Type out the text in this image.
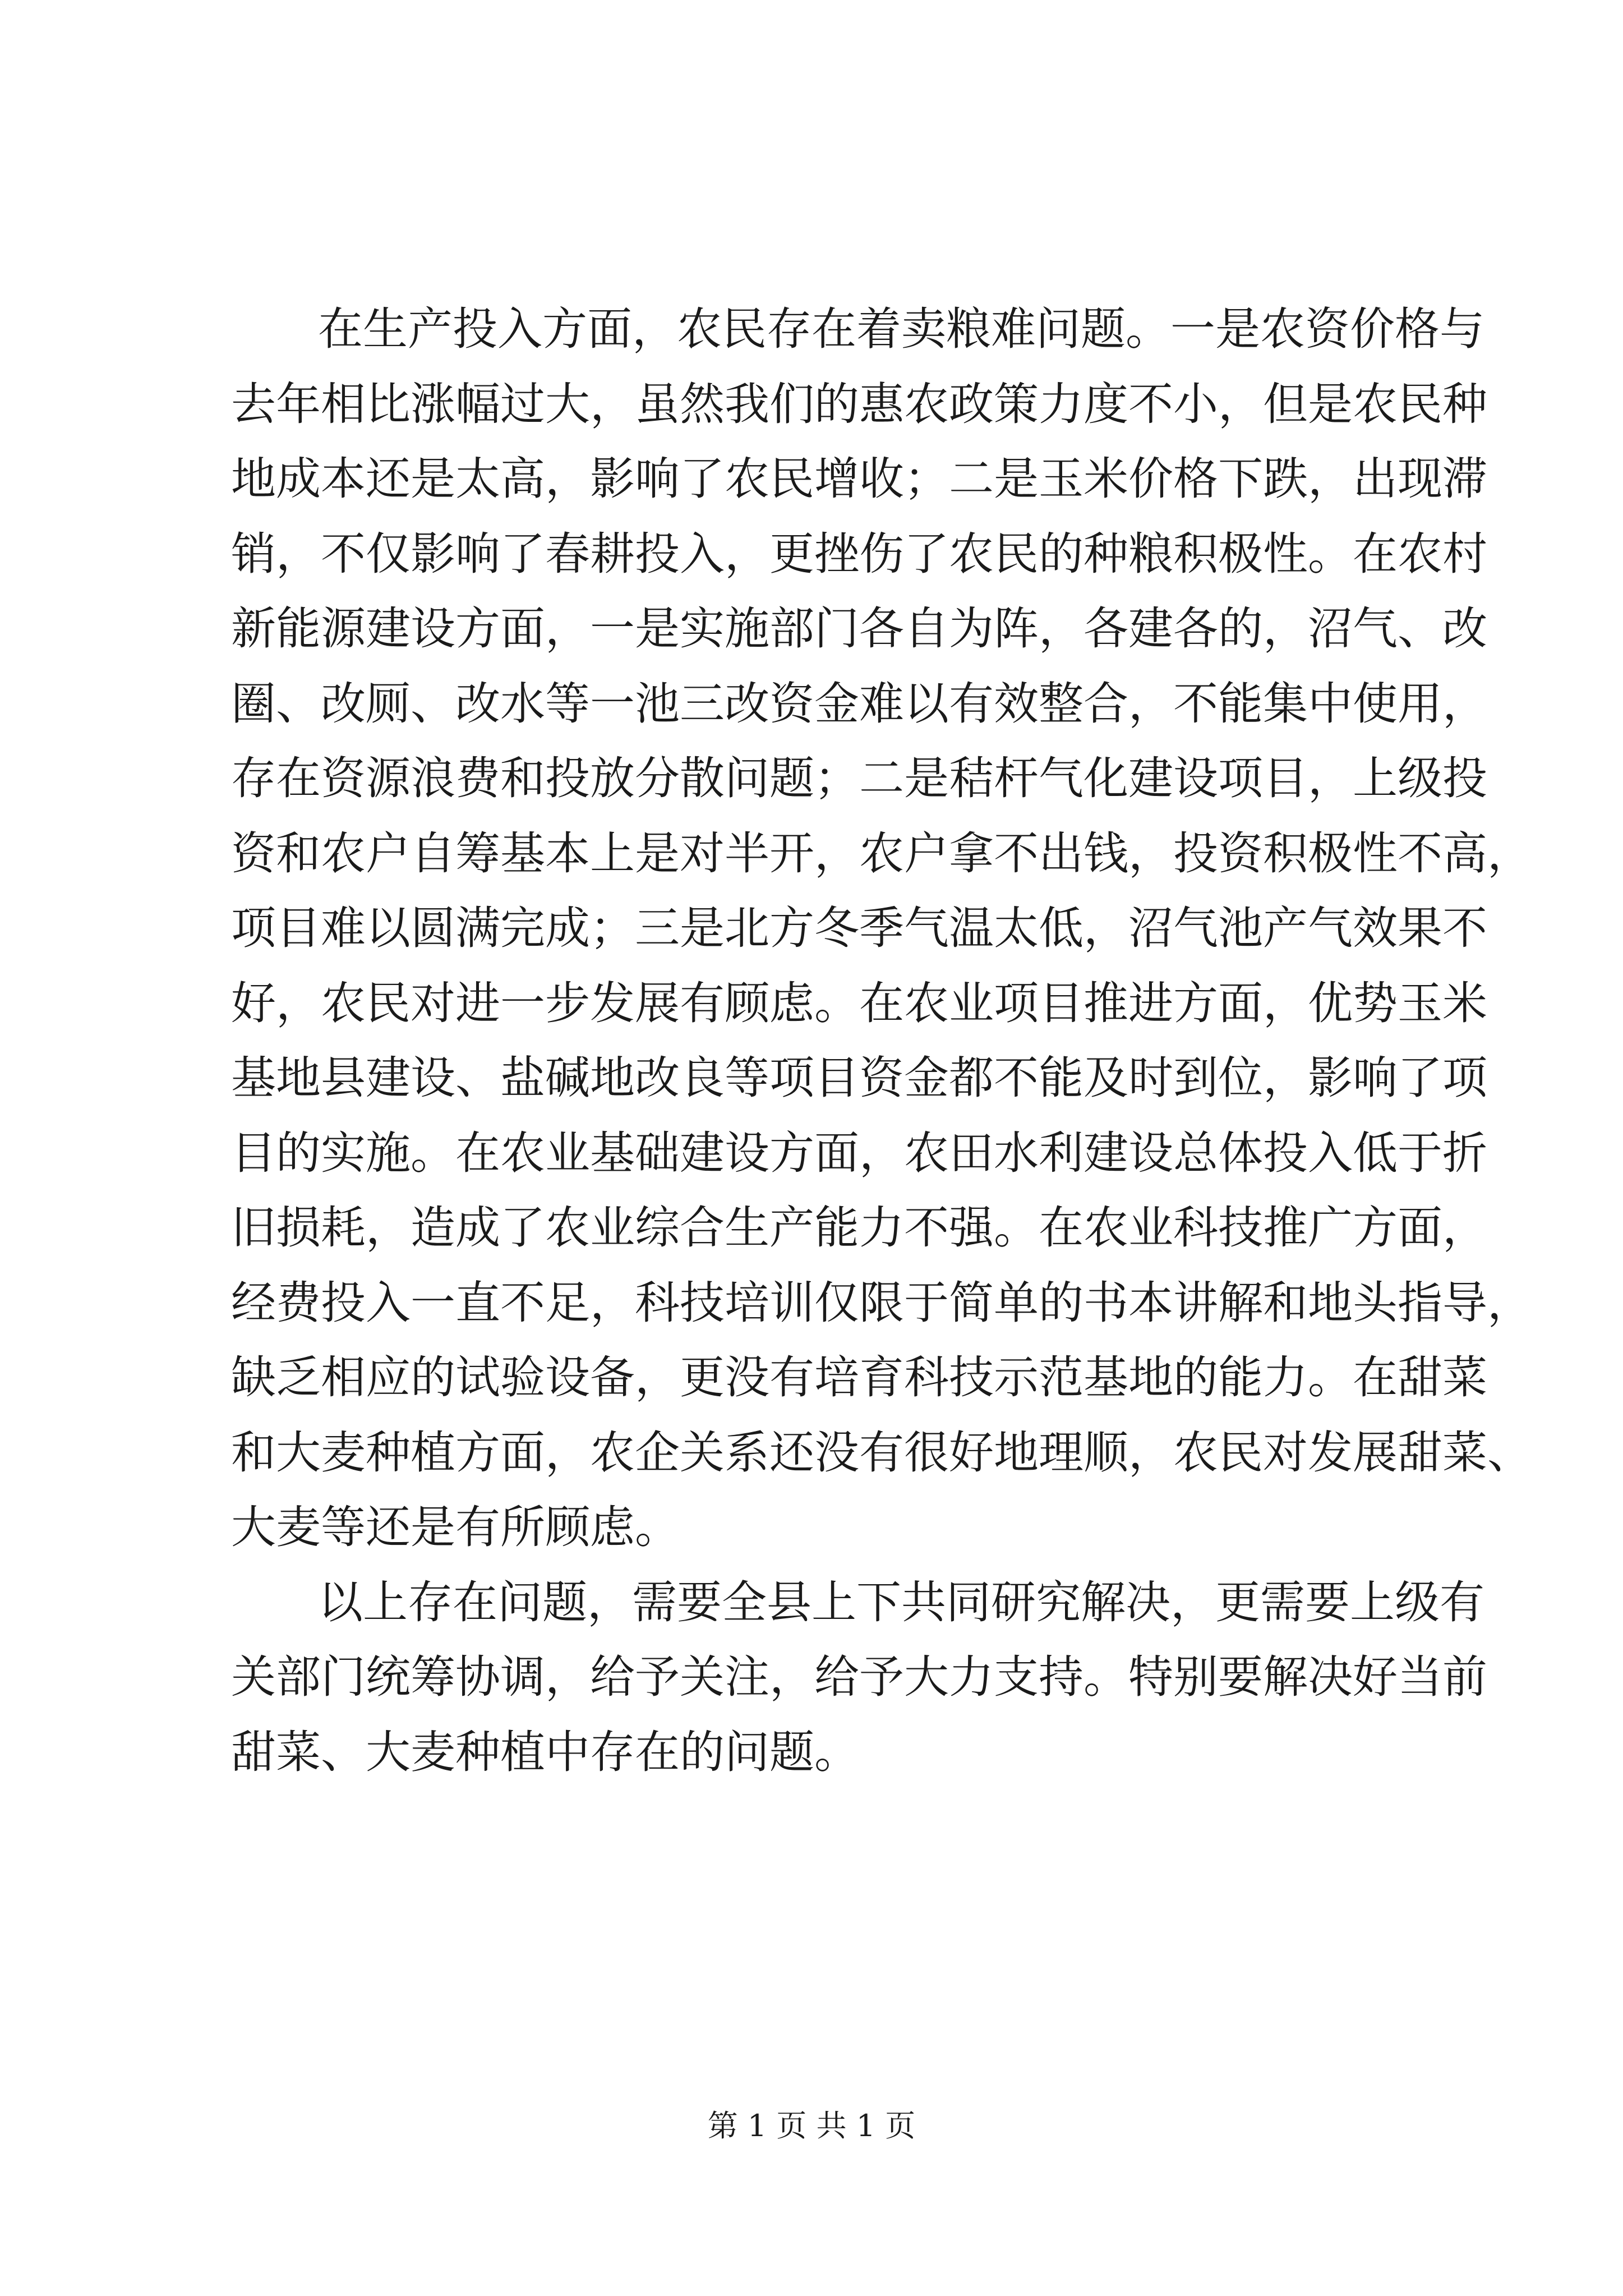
在生产投入方面，农民存在着卖粮难问题。一是农资价格与
去年相比涨幅过大，虽然我们的惠农政策力度不小，但是农民种
地成本还是太高，影响了农民增收；二是玉米价格下跌，出现滞
销，不仅影响了春耕投入，更挫伤了农民的种粮积极性。在农村
新能源建设方面，一是实施部门各自为阵，各建各的，沼气、改
圈、改厕、改水等一池三改资金难以有效整合，不能集中使用，
存在资源浪费和投放分散问题；二是秸杆气化建设项目，上级投
资和农户自筹基本上是对半开，农户拿不出钱，投资积极性不高，
项目难以圆满完成；三是北方冬季气温太低，沼气池产气效果不
好，农民对进一步发展有顾虑。在农业项目推进方面，优势玉米
基地县建设、盐碱地改良等项目资金都不能及时到位，影响了项
目的实施。在农业基础建设方面，农田水利建设总体投入低于折
旧损耗，造成了农业综合生产能力不强。在农业科技推广方面，
经费投入一直不足，科技培训仅限于简单的书本讲解和地头指导，
缺乏相应的试验设备，更没有培育科技示范基地的能力。在甜菜
和大麦种植方面，农企关系还没有很好地理顺，农民对发展甜菜、
大麦等还是有所顾虑。
以上存在问题，需要全县上下共同研究解决，更需要上级有
关部门统筹协调，给予关注，给予大力支持。特别要解决好当前
甜菜、大麦种植中存在的问题。
第 1 页 共 1 页
